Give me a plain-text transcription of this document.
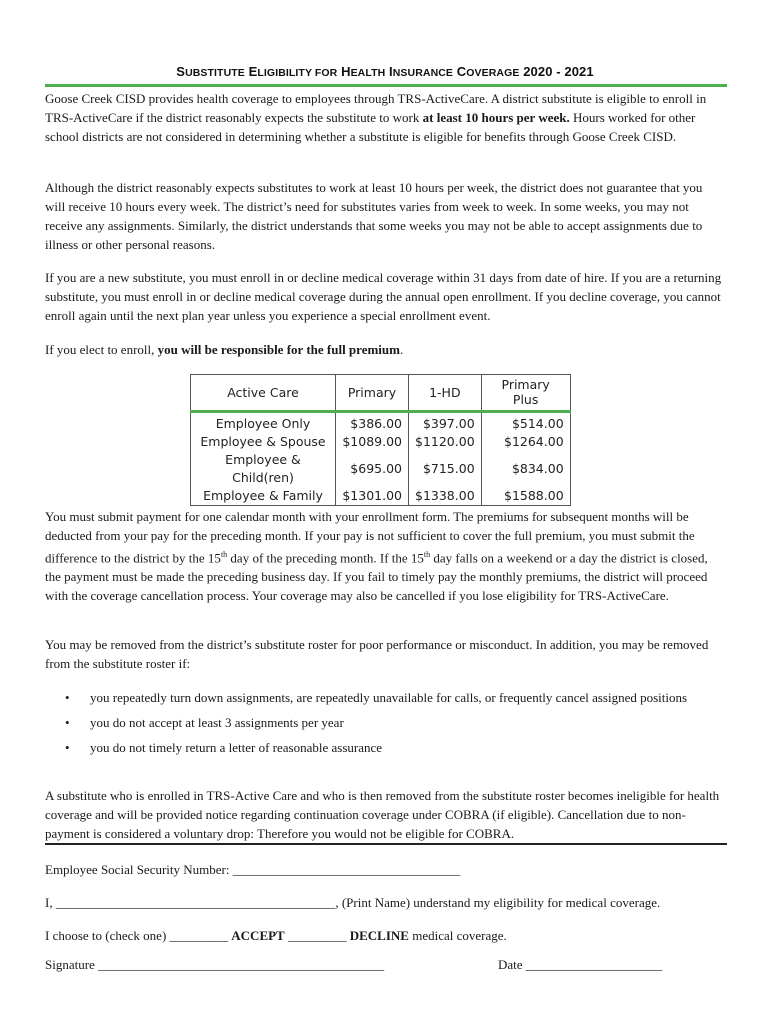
SUBSTITUTE ELIGIBILITY FOR HEALTH INSURANCE COVERAGE 2020 - 2021

Goose Creek CISD provides health coverage to employees through TRS-ActiveCare. A district substitute is eligible to enroll in TRS-ActiveCare if the district reasonably expects the substitute to work at least 10 hours per week. Hours worked for other school districts are not considered in determining whether a substitute is eligible for benefits through Goose Creek CISD.

Although the district reasonably expects substitutes to work at least 10 hours per week, the district does not guarantee that you will receive 10 hours every week. The district’s need for substitutes varies from week to week. In some weeks, you may not receive any assignments. Similarly, the district understands that some weeks you may not be able to accept assignments due to illness or other personal reasons.

If you are a new substitute, you must enroll in or decline medical coverage within 31 days from date of hire. If you are a returning substitute, you must enroll in or decline medical coverage during the annual open enrollment. If you decline coverage, you cannot enroll again until the next plan year unless you experience a special enrollment event.

If you elect to enroll, you will be responsible for the full premium.

Active Care	Primary	1-HD	Primary Plus
Employee Only	$386.00	$397.00	$514.00
Employee & Spouse	$1089.00	$1120.00	$1264.00
Employee & Child(ren)	$695.00	$715.00	$834.00
Employee & Family	$1301.00	$1338.00	$1588.00

You must submit payment for one calendar month with your enrollment form. The premiums for subsequent months will be deducted from your pay for the preceding month. If your pay is not sufficient to cover the full premium, you must submit the difference to the district by the 15th day of the preceding month. If the 15th day falls on a weekend or a day the district is closed, the payment must be made the preceding business day. If you fail to timely pay the monthly premiums, the district will proceed with the coverage cancellation process. Your coverage may also be cancelled if you lose eligibility for TRS-ActiveCare.

You may be removed from the district’s substitute roster for poor performance or misconduct. In addition, you may be removed from the substitute roster if:

• you repeatedly turn down assignments, are repeatedly unavailable for calls, or frequently cancel assigned positions
• you do not accept at least 3 assignments per year
• you do not timely return a letter of reasonable assurance

A substitute who is enrolled in TRS-Active Care and who is then removed from the substitute roster becomes ineligible for health coverage and will be provided notice regarding continuation coverage under COBRA (if eligible). Cancellation due to non-payment is considered a voluntary drop: Therefore you would not be eligible for COBRA.

Employee Social Security Number: ___________________________________
I, ___________________________________________, (Print Name) understand my eligibility for medical coverage.
I choose to (check one) _________ ACCEPT _________ DECLINE medical coverage.
Signature ____________________________________________	Date _____________________
